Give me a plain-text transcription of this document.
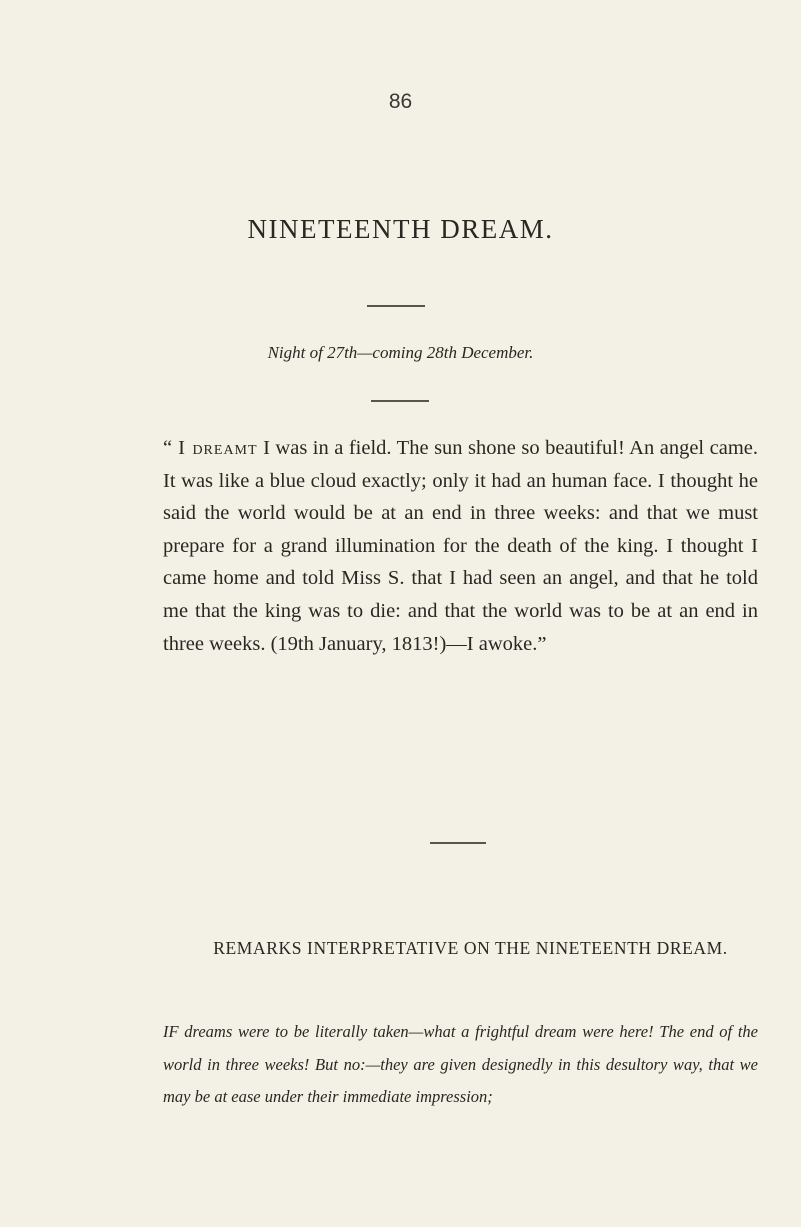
86
NINETEENTH DREAM.
Night of 27th—coming 28th December.
“ I dreamt I was in a field. The sun shone so beautiful! An angel came. It was like a blue cloud exactly; only it had an human face. I thought he said the world would be at an end in three weeks: and that we must prepare for a grand illumination for the death of the king. I thought I came home and told Miss S. that I had seen an angel, and that he told me that the king was to die: and that the world was to be at an end in three weeks. (19th January, 1813!)—I awoke.”
REMARKS INTERPRETATIVE ON THE NINETEENTH DREAM.
IF dreams were to be literally taken—what a frightful dream were here! The end of the world in three weeks! But no:—they are given designedly in this desultory way, that we may be at ease under their immediate impression;
